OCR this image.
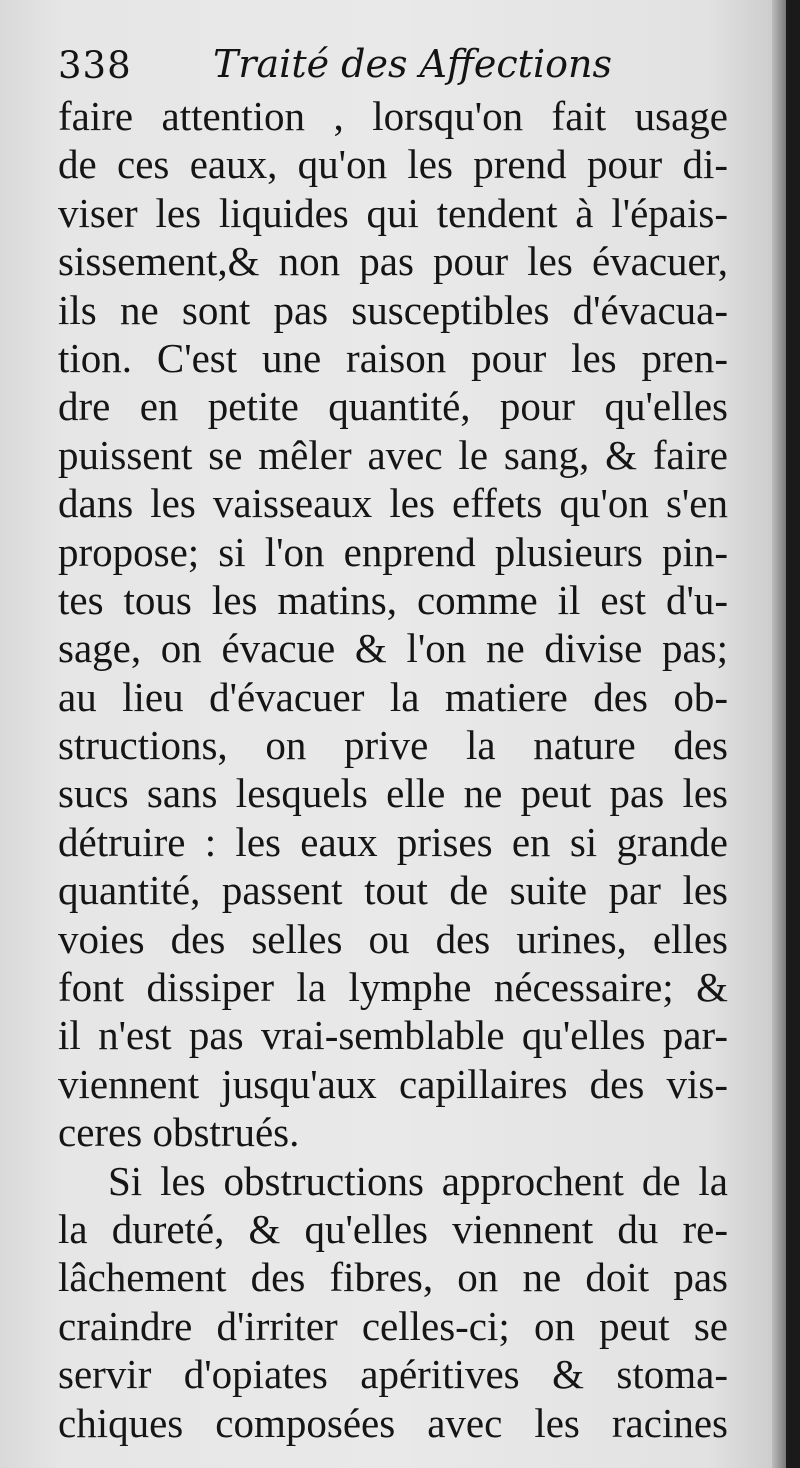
338 Traité des Affections
faire attention , lorsqu'on fait usage
de ces eaux, qu'on les prend pour di-
viser les liquides qui tendent à l'épais-
sissement,& non pas pour les évacuer,
ils ne sont pas susceptibles d'évacua-
tion. C'est une raison pour les pren-
dre en petite quantité, pour qu'elles
puissent se mêler avec le sang, & faire
dans les vaisseaux les effets qu'on s'en
propose; si l'on enprend plusieurs pin-
tes tous les matins, comme il est d'u-
sage, on évacue & l'on ne divise pas;
au lieu d'évacuer la matiere des ob-
structions, on prive la nature des
sucs sans lesquels elle ne peut pas les
détruire : les eaux prises en si grande
quantité, passent tout de suite par les
voies des selles ou des urines, elles
font dissiper la lymphe nécessaire; &
il n'est pas vrai-semblable qu'elles par-
viennent jusqu'aux capillaires des vis-
ceres obstrués.
Si les obstructions approchent de la
la dureté, & qu'elles viennent du re-
lâchement des fibres, on ne doit pas
craindre d'irriter celles-ci; on peut se
servir d'opiates apéritives & stoma-
chiques composées avec les racines
